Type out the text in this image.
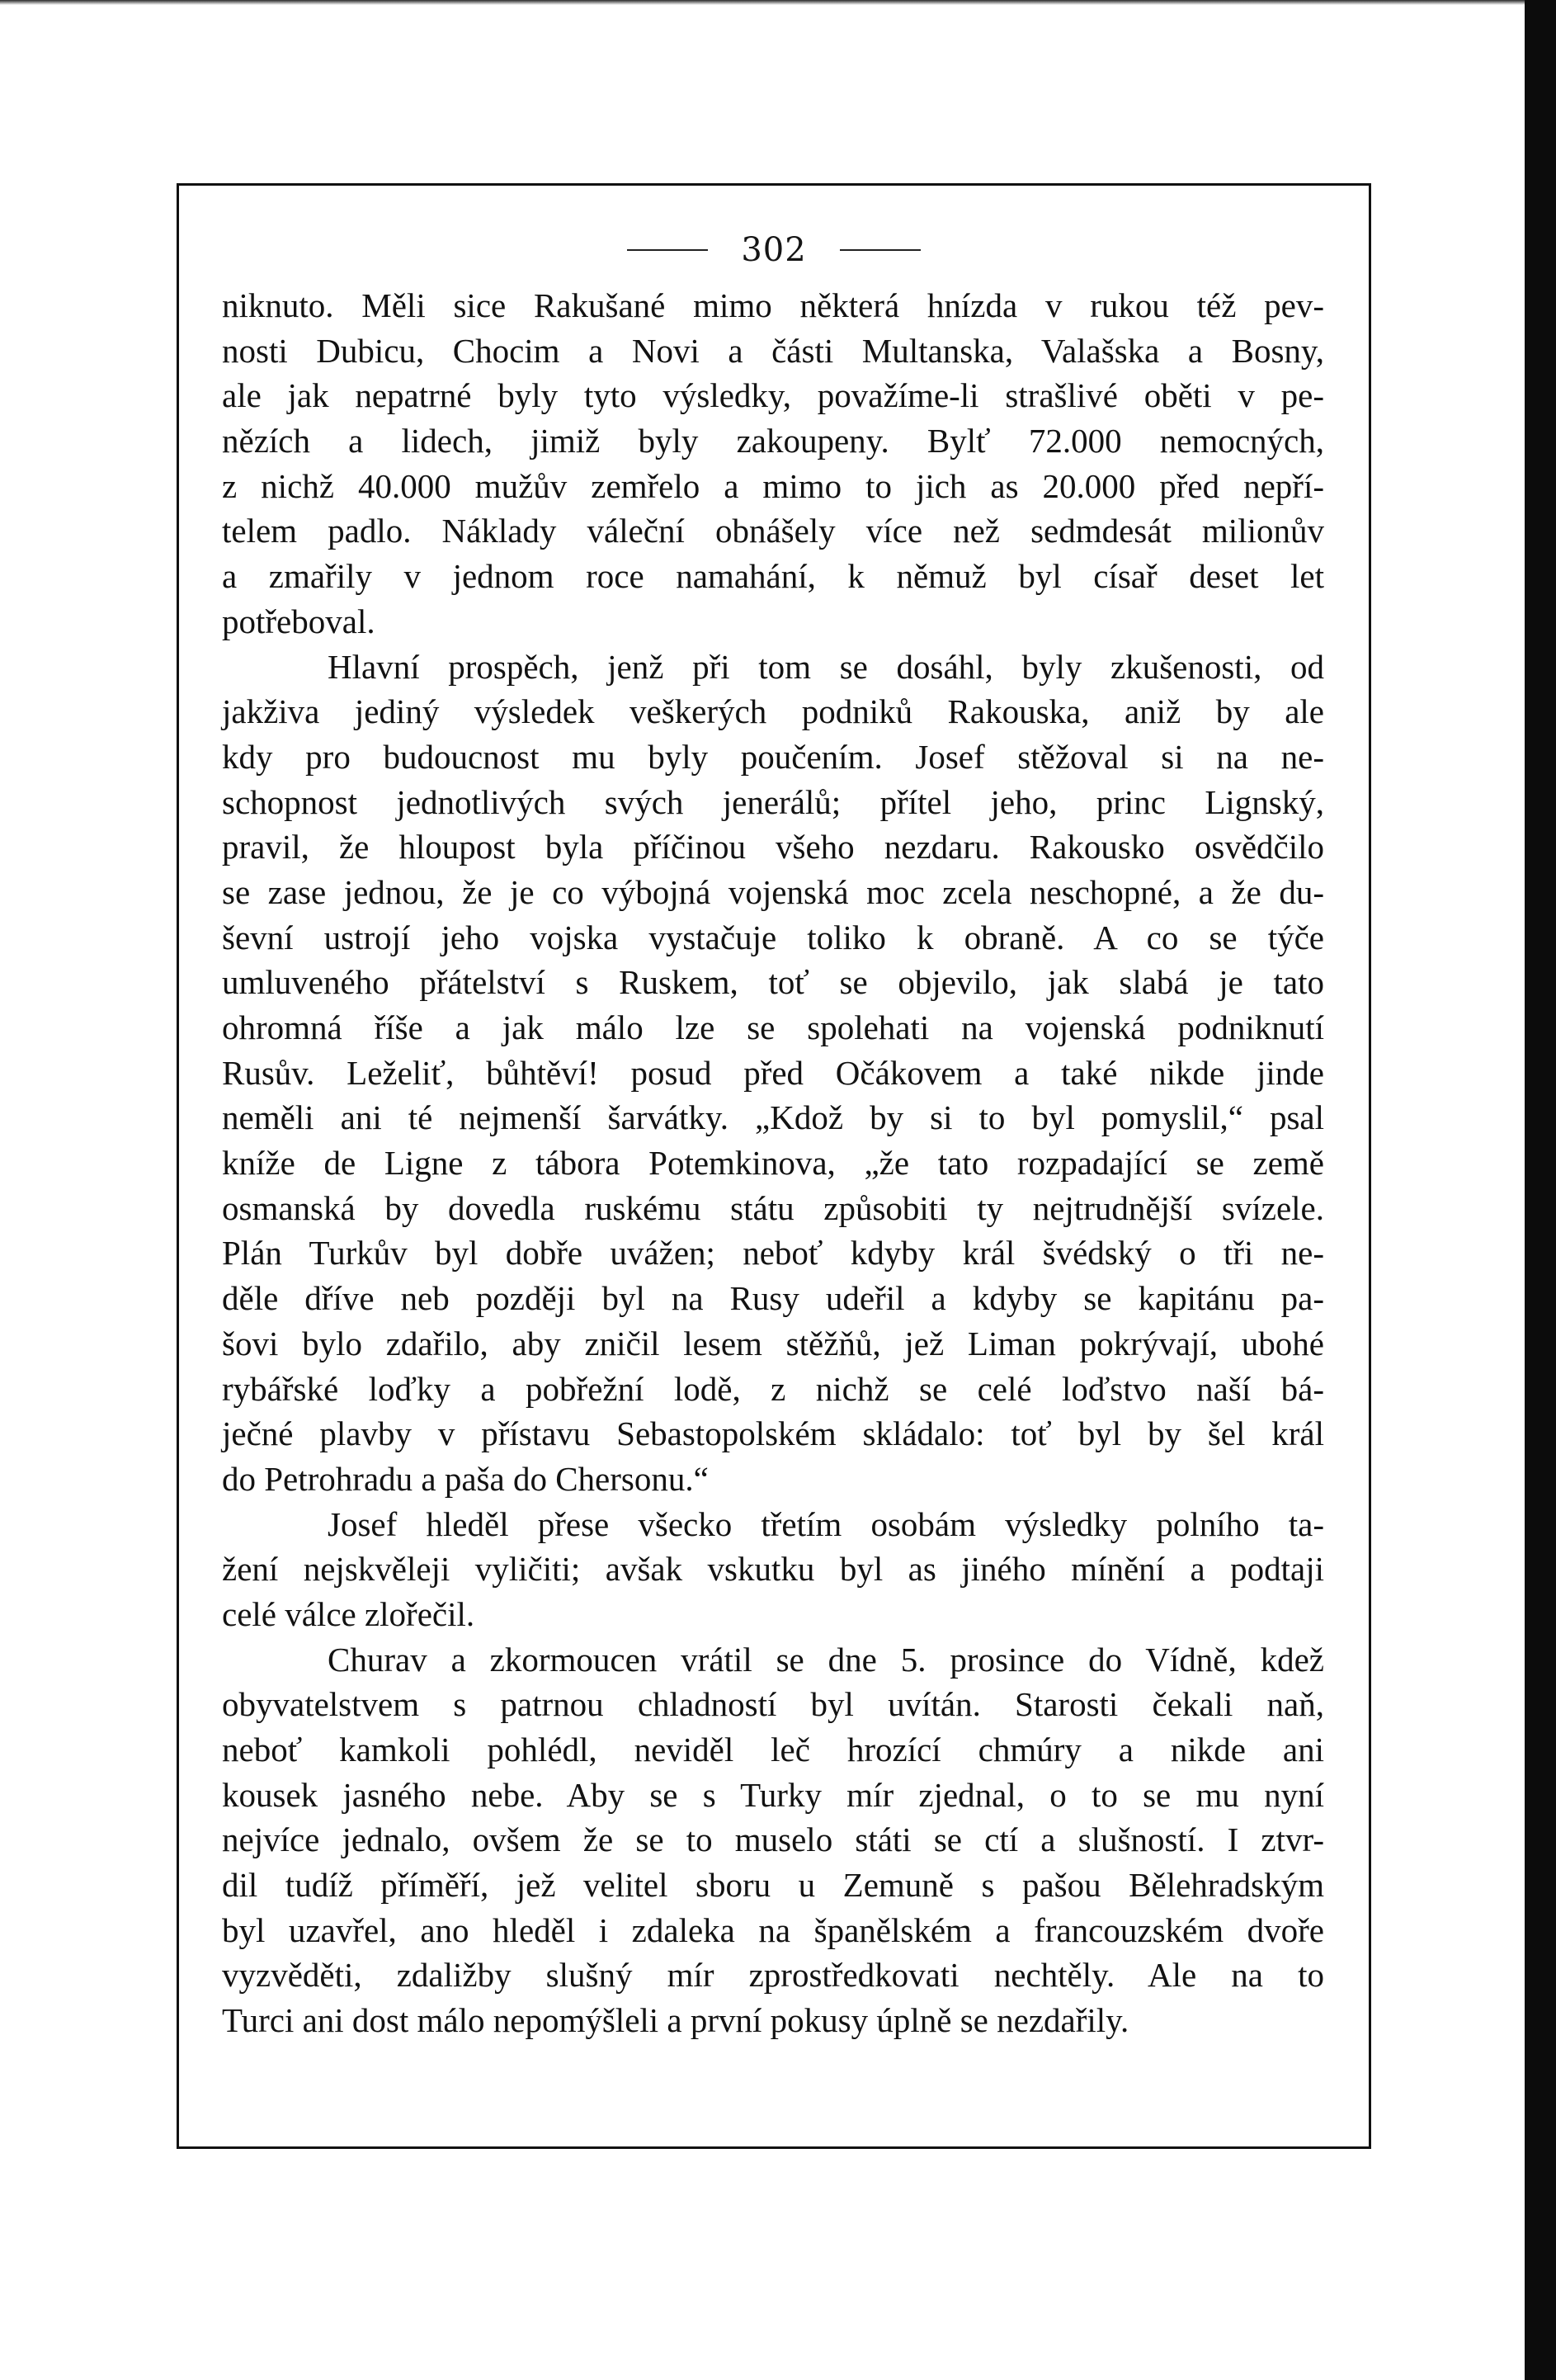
302
niknuto. Měli sice Rakušané mimo některá hnízda v rukou též pev-
nosti Dubicu, Chocim a Novi a části Multanska, Valašska a Bosny,
ale jak nepatrné byly tyto výsledky, považíme-li strašlivé oběti v pe-
nězích a lidech, jimiž byly zakoupeny. Bylť 72.000 nemocných,
z nichž 40.000 mužův zemřelo a mimo to jich as 20.000 před nepří-
telem padlo. Náklady váleční obnášely více než sedmdesát milionův
a zmařily v jednom roce namahání, k němuž byl císař deset let
potřeboval.
Hlavní prospěch, jenž při tom se dosáhl, byly zkušenosti, od
jakživa jediný výsledek veškerých podniků Rakouska, aniž by ale
kdy pro budoucnost mu byly poučením. Josef stěžoval si na ne-
schopnost jednotlivých svých jenerálů; přítel jeho, princ Lignský,
pravil, že hloupost byla příčinou všeho nezdaru. Rakousko osvědčilo
se zase jednou, že je co výbojná vojenská moc zcela neschopné, a že du-
ševní ustrojí jeho vojska vystačuje toliko k obraně. A co se týče
umluveného přátelství s Ruskem, toť se objevilo, jak slabá je tato
ohromná říše a jak málo lze se spolehati na vojenská podniknutí
Rusův. Leželiť, bůhtěví! posud před Očákovem a také nikde jinde
neměli ani té nejmenší šarvátky. „Kdož by si to byl pomyslil,“ psal
kníže de Ligne z tábora Potemkinova, „že tato rozpadající se země
osmanská by dovedla ruskému státu způsobiti ty nejtrudnější svízele.
Plán Turkův byl dobře uvážen; neboť kdyby král švédský o tři ne-
děle dříve neb později byl na Rusy udeřil a kdyby se kapitánu pa-
šovi bylo zdařilo, aby zničil lesem stěžňů, jež Liman pokrývají, ubohé
rybářské loďky a pobřežní lodě, z nichž se celé loďstvo naší bá-
ječné plavby v přístavu Sebastopolském skládalo: toť byl by šel král
do Petrohradu a paša do Chersonu.“
Josef hleděl přese všecko třetím osobám výsledky polního ta-
žení nejskvěleji vyličiti; avšak vskutku byl as jiného mínění a podtaji
celé válce zlořečil.
Churav a zkormoucen vrátil se dne 5. prosince do Vídně, kdež
obyvatelstvem s patrnou chladností byl uvítán. Starosti čekali naň,
neboť kamkoli pohlédl, neviděl leč hrozící chmúry a nikde ani
kousek jasného nebe. Aby se s Turky mír zjednal, o to se mu nyní
nejvíce jednalo, ovšem že se to muselo státi se ctí a slušností. I ztvr-
dil tudíž příměří, jež velitel sboru u Zemuně s pašou Bělehradským
byl uzavřel, ano hleděl i zdaleka na španělském a francouzském dvoře
vyzvěděti, zdaližby slušný mír zprostředkovati nechtěly. Ale na to
Turci ani dost málo nepomýšleli a první pokusy úplně se nezdařily.
